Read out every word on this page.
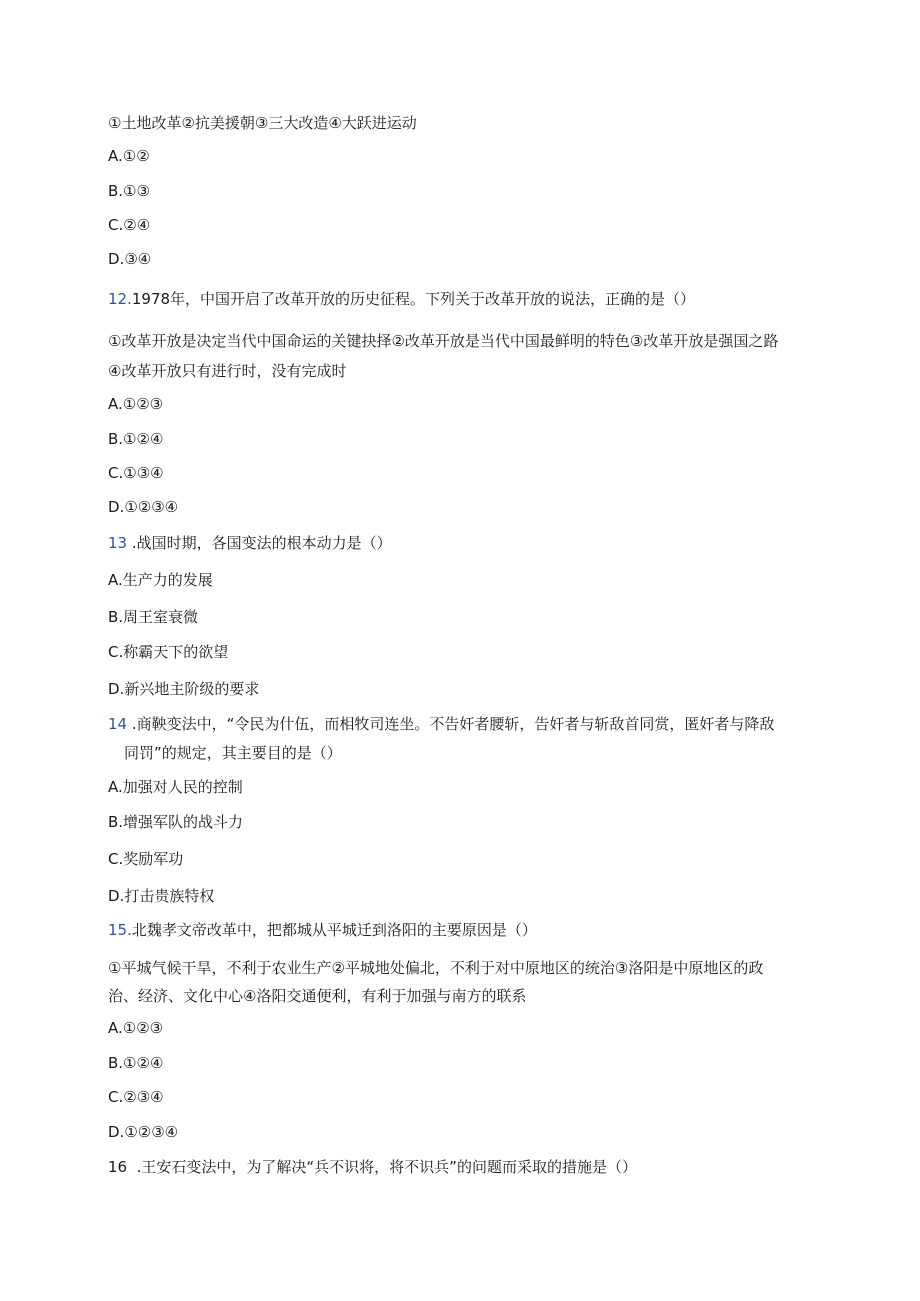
①土地改革②抗美援朝③三大改造④大跃进运动
A.①②
B.①③
C.②④
D.③④
12.1978年，中国开启了改革开放的历史征程。下列关于改革开放的说法，正确的是（）
①改革开放是决定当代中国命运的关键抉择②改革开放是当代中国最鲜明的特色③改革开放是强国之路
④改革开放只有进行时，没有完成时
A.①②③
B.①②④
C.①③④
D.①②③④
13 .战国时期，各国变法的根本动力是（）
A.生产力的发展
B.周王室衰微
C.称霸天下的欲望
D.新兴地主阶级的要求
14 .商鞅变法中，“令民为什伍，而相牧司连坐。不告奸者腰斩，告奸者与斩敌首同赏，匿奸者与降敌
同罚”的规定，其主要目的是（）
A.加强对人民的控制
B.增强军队的战斗力
C.奖励军功
D.打击贵族特权
15.北魏孝文帝改革中，把都城从平城迁到洛阳的主要原因是（）
①平城气候干旱，不利于农业生产②平城地处偏北，不利于对中原地区的统治③洛阳是中原地区的政
治、经济、文化中心④洛阳交通便利，有利于加强与南方的联系
A.①②③
B.①②④
C.②③④
D.①②③④
16  .王安石变法中，为了解决“兵不识将，将不识兵”的问题而采取的措施是（）
